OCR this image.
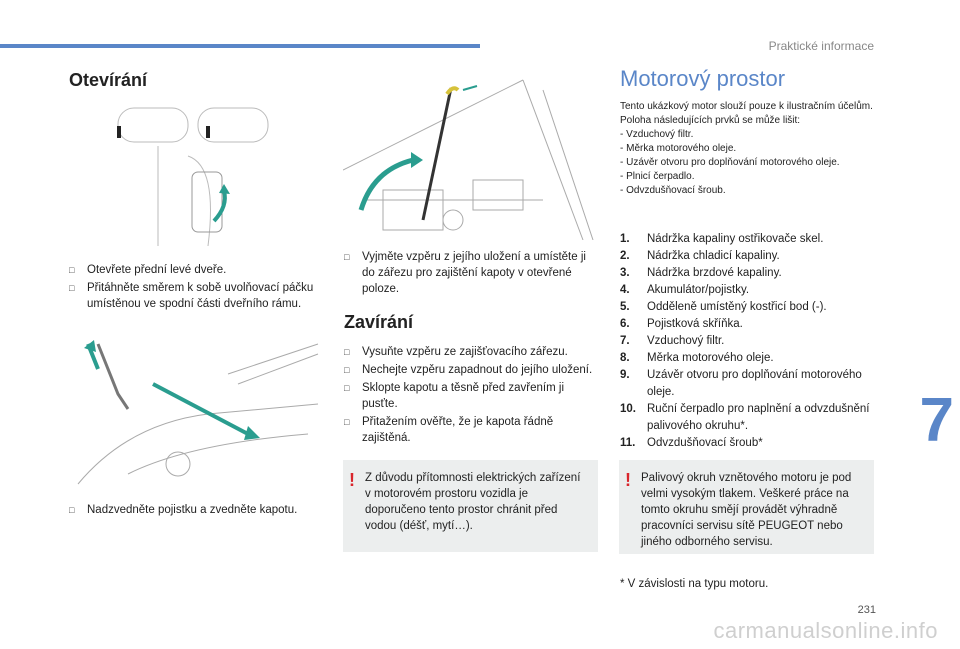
Praktické informace
7
231
carmanualsonline.info
Otevírání
□ Otevřete přední levé dveře.
□ Přitáhněte směrem k sobě uvolňovací páčku umístěnou ve spodní části dveřního rámu.
□ Nadzvedněte pojistku a zvedněte kapotu.
□ Vyjměte vzpěru z jejího uložení a umístěte ji do zářezu pro zajištění kapoty v otevřené poloze.
Zavírání
□ Vysuňte vzpěru ze zajišťovacího zářezu.
□ Nechejte vzpěru zapadnout do jejího uložení.
□ Sklopte kapotu a těsně před zavřením ji pusťte.
□ Přitažením ověřte, že je kapota řádně zajištěná.
! Z důvodu přítomnosti elektrických zařízení v motorovém prostoru vozidla je doporučeno tento prostor chránit před vodou (déšť, mytí…).
Motorový prostor
Tento ukázkový motor slouží pouze k ilustračním účelům.
Poloha následujících prvků se může lišit:
- Vzduchový filtr.
- Měrka motorového oleje.
- Uzávěr otvoru pro doplňování motorového oleje.
- Plnicí čerpadlo.
- Odvzdušňovací šroub.
1. Nádržka kapaliny ostřikovače skel.
2. Nádržka chladicí kapaliny.
3. Nádržka brzdové kapaliny.
4. Akumulátor/pojistky.
5. Odděleně umístěný kostřicí bod (-).
6. Pojistková skříňka.
7. Vzduchový filtr.
8. Měrka motorového oleje.
9. Uzávěr otvoru pro doplňování motorového oleje.
10. Ruční čerpadlo pro naplnění a odvzdušnění palivového okruhu*.
11. Odvzdušňovací šroub*
! Palivový okruh vznětového motoru je pod velmi vysokým tlakem. Veškeré práce na tomto okruhu smějí provádět výhradně pracovníci servisu sítě PEUGEOT nebo jiného odborného servisu.
* V závislosti na typu motoru.
